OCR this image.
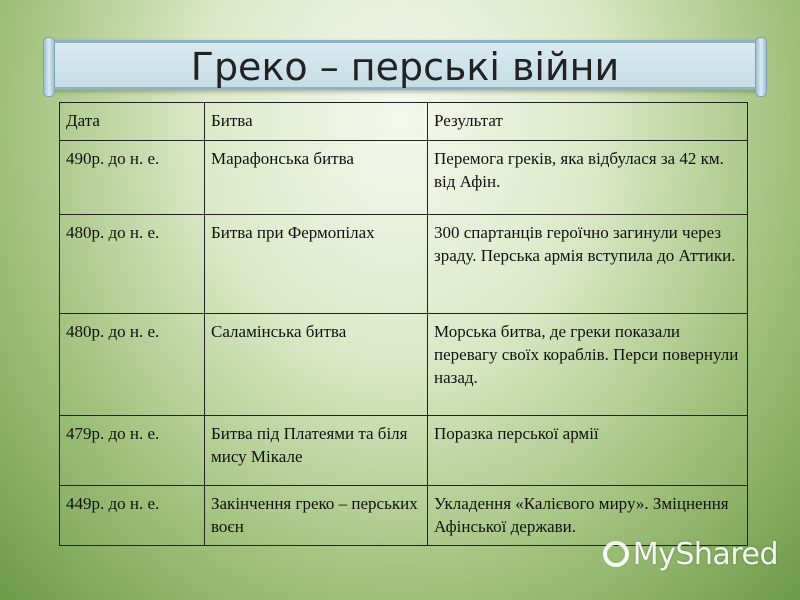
Греко – перські війни
Дата	Битва	Результат
490р. до н. е.	Марафонська битва	Перемога греків, яка відбулася за 42 км. від Афін.
480р. до н. е.	Битва при Фермопілах	300 спартанців героїчно загинули через зраду. Перська армія вступила до Аттики.
480р. до н. е.	Саламінська битва	Морська битва, де греки показали перевагу своїх кораблів. Перси повернули назад.
479р. до н. е.	Битва під Платеями та біля мису Мікале	Поразка перської армії
449р. до н. е.	Закінчення греко – перських воєн	Укладення «Калієвого миру». Зміцнення Афінської держави.
MyShared
